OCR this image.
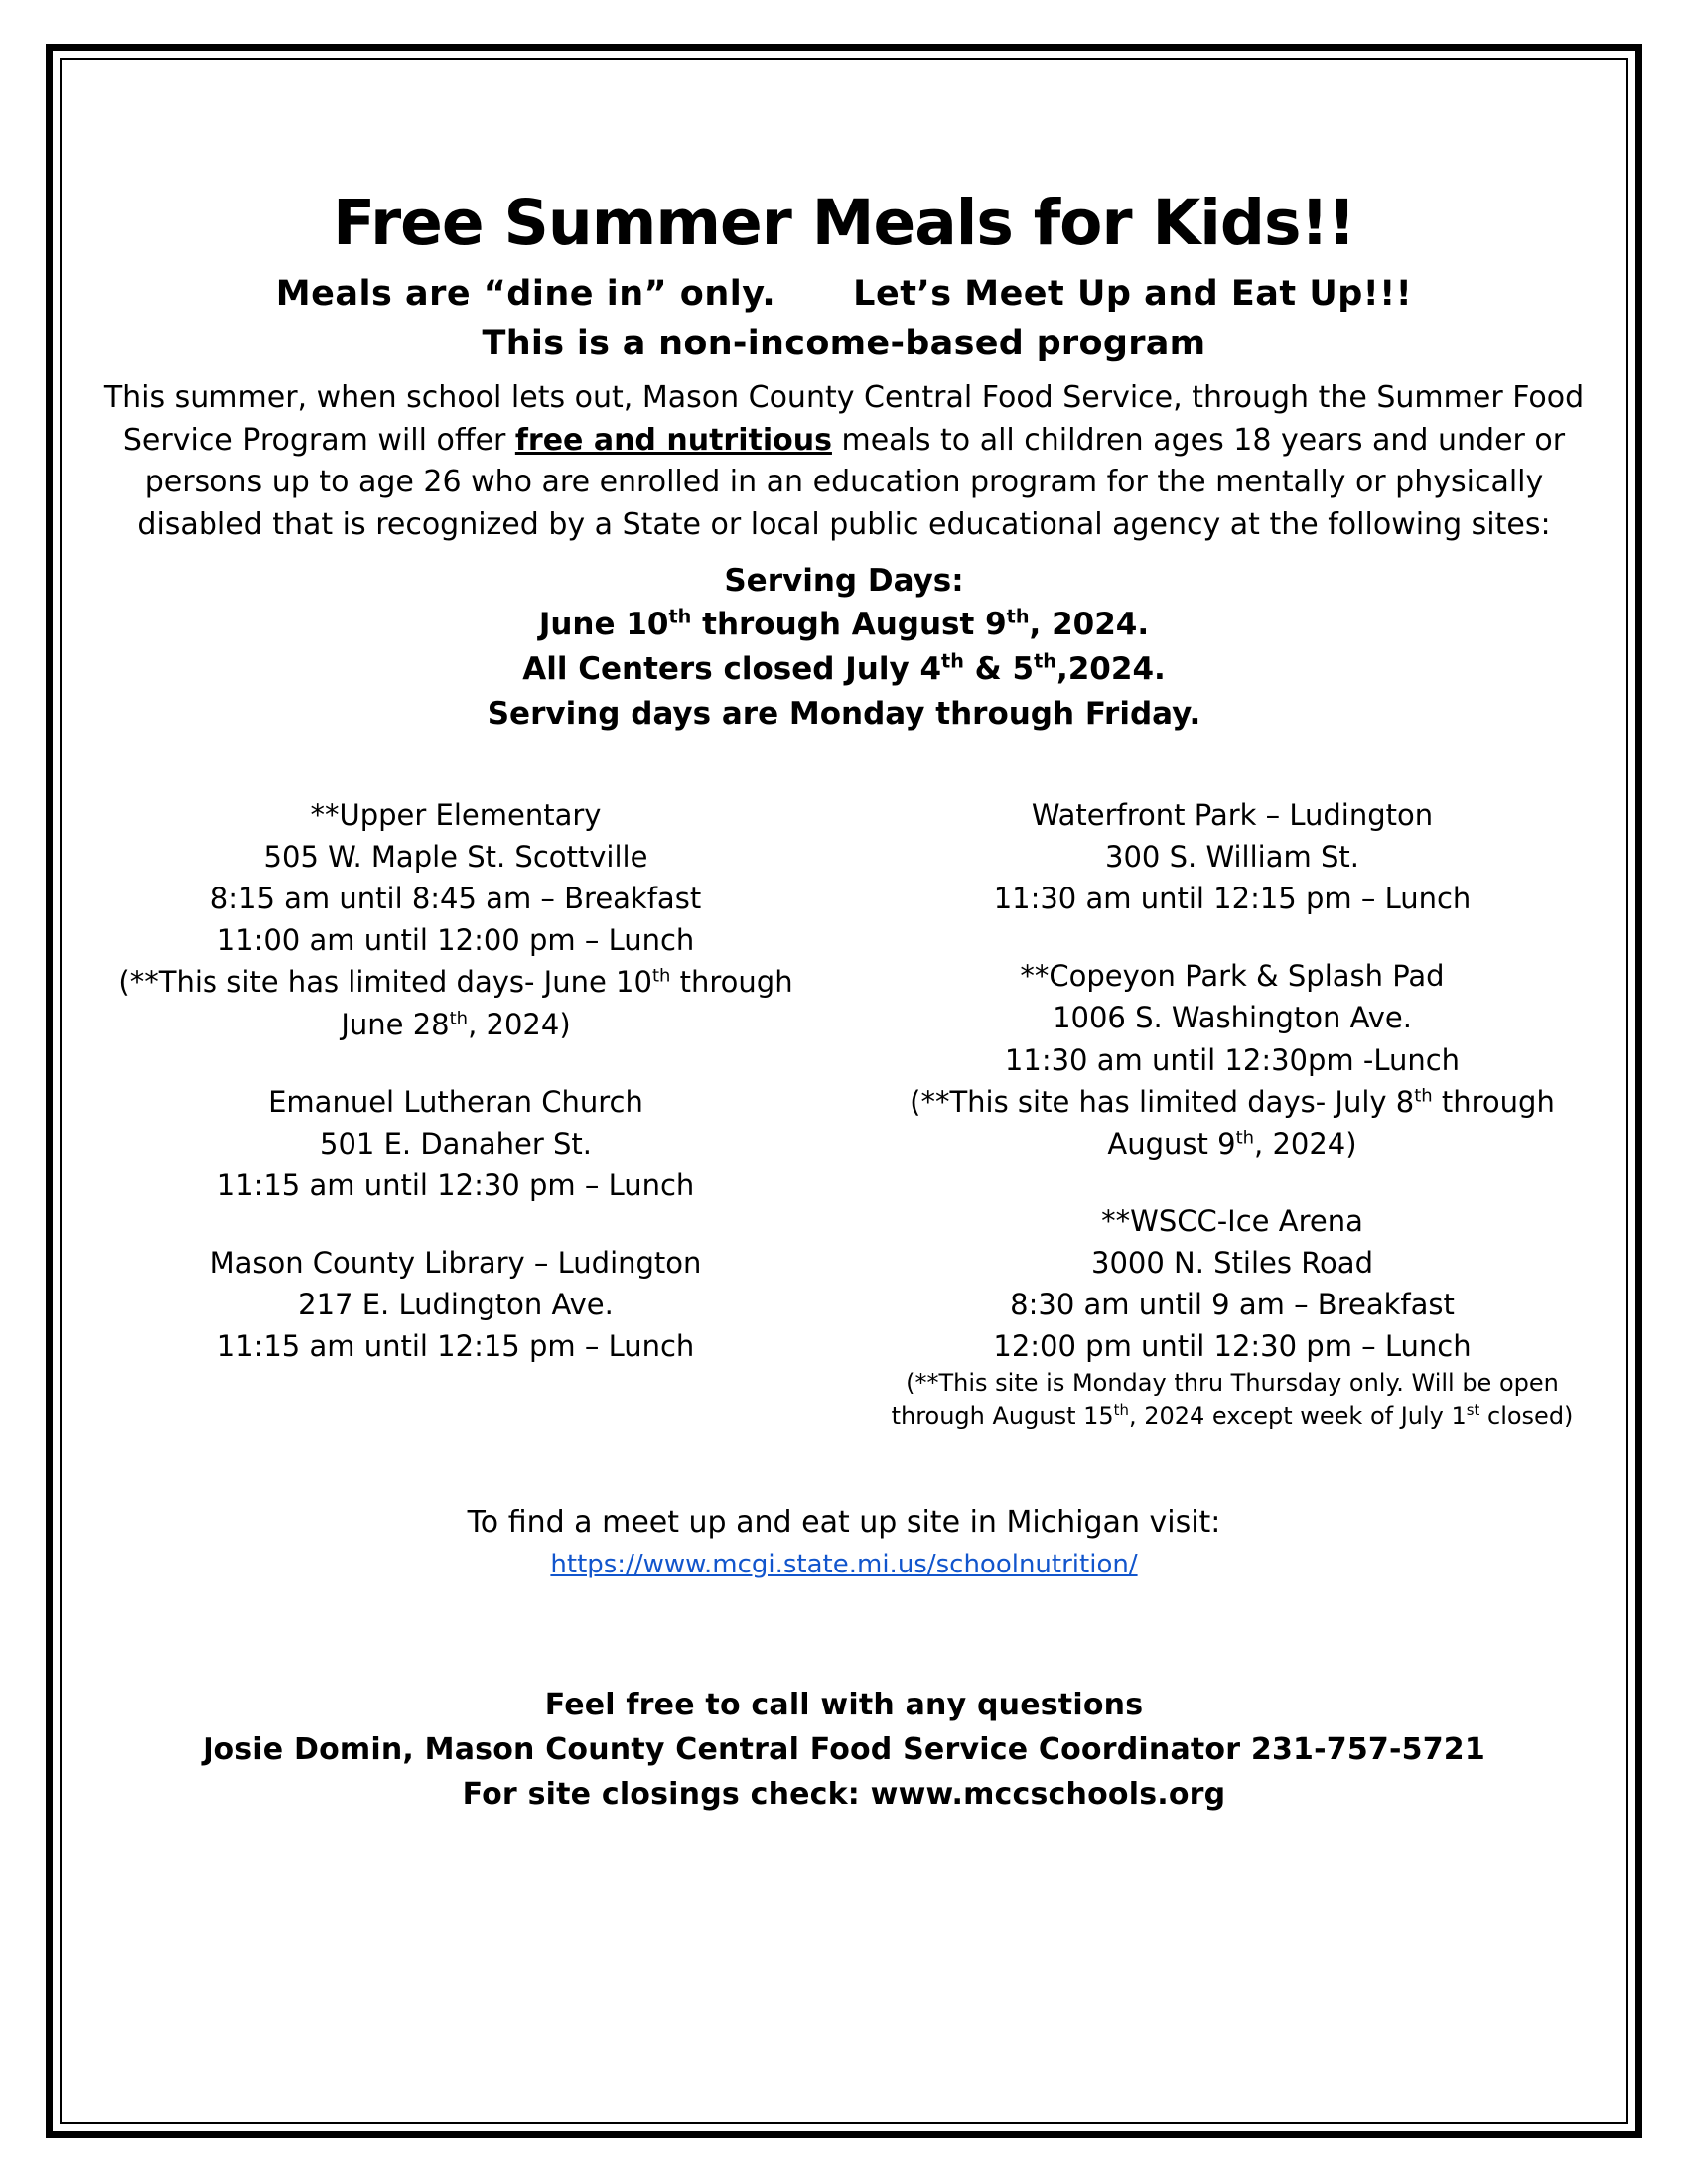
Free Summer Meals for Kids!!
Meals are “dine in” only. Let’s Meet Up and Eat Up!!!
This is a non-income-based program
This summer, when school lets out, Mason County Central Food Service, through the Summer Food Service Program will offer free and nutritious meals to all children ages 18 years and under or persons up to age 26 who are enrolled in an education program for the mentally or physically disabled that is recognized by a State or local public educational agency at the following sites:
Serving Days:
June 10th through August 9th, 2024.
All Centers closed July 4th & 5th,2024.
Serving days are Monday through Friday.
**Upper Elementary
505 W. Maple St. Scottville
8:15 am until 8:45 am – Breakfast
11:00 am until 12:00 pm – Lunch
(**This site has limited days- June 10th through June 28th, 2024)
Emanuel Lutheran Church
501 E. Danaher St.
11:15 am until 12:30 pm – Lunch
Mason County Library – Ludington
217 E. Ludington Ave.
11:15 am until 12:15 pm – Lunch
Waterfront Park – Ludington
300 S. William St.
11:30 am until 12:15 pm – Lunch
**Copeyon Park & Splash Pad
1006 S. Washington Ave.
11:30 am until 12:30pm -Lunch
(**This site has limited days- July 8th through August 9th, 2024)
**WSCC-Ice Arena
3000 N. Stiles Road
8:30 am until 9 am – Breakfast
12:00 pm until 12:30 pm – Lunch
(**This site is Monday thru Thursday only. Will be open through August 15th, 2024 except week of July 1st closed)
To find a meet up and eat up site in Michigan visit:
https://www.mcgi.state.mi.us/schoolnutrition/
Feel free to call with any questions
Josie Domin, Mason County Central Food Service Coordinator 231-757-5721
For site closings check: www.mccschools.org
